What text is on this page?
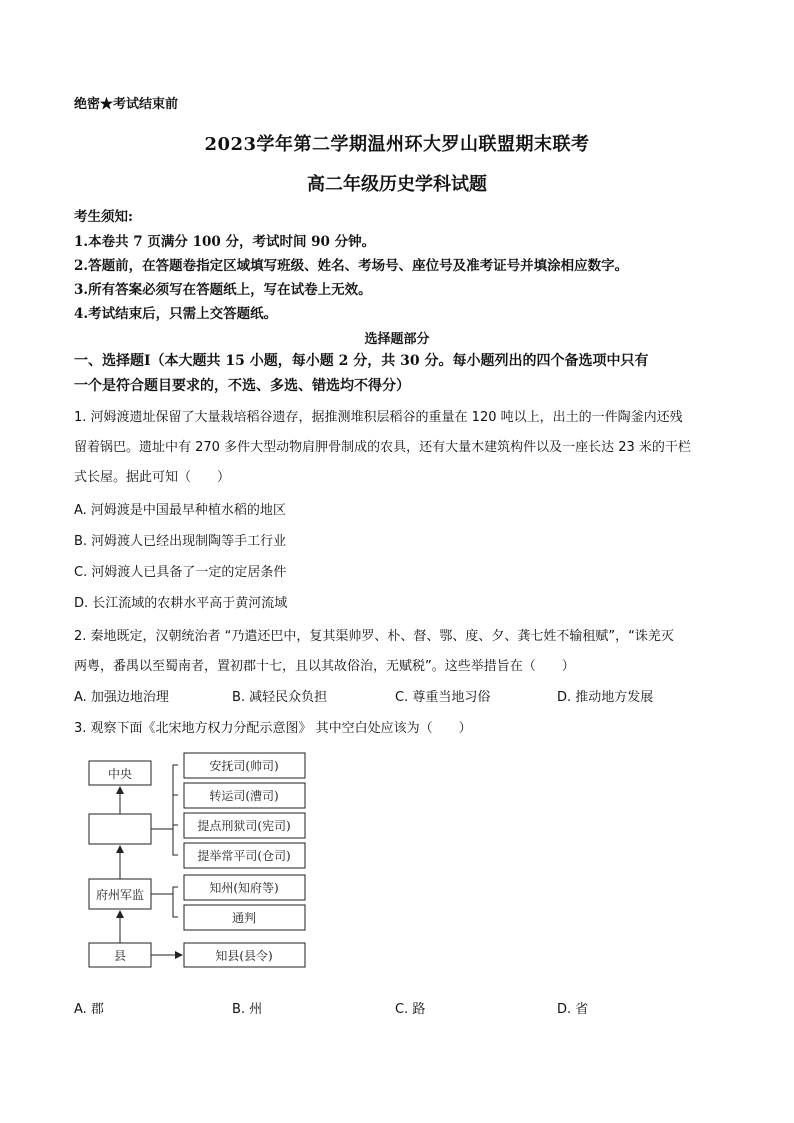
绝密★考试结束前
2023学年第二学期温州环大罗山联盟期末联考
高二年级历史学科试题
考生须知:
1.本卷共 7 页满分 100 分，考试时间 90 分钟。
2.答题前，在答题卷指定区域填写班级、姓名、考场号、座位号及准考证号并填涂相应数字。
3.所有答案必须写在答题纸上，写在试卷上无效。
4.考试结束后，只需上交答题纸。
选择题部分
一、选择题Ⅰ（本大题共 15 小题，每小题 2 分，共 30 分。每小题列出的四个备选项中只有
一个是符合题目要求的，不选、多选、错选均不得分）
1. 河姆渡遗址保留了大量栽培稻谷遗存，据推测堆积层稻谷的重量在 120 吨以上，出土的一件陶釜内还残
留着锅巴。遗址中有 270 多件大型动物肩胛骨制成的农具，还有大量木建筑构件以及一座长达 23 米的干栏
式长屋。据此可知（　　）
A. 河姆渡是中国最早种植水稻的地区
B. 河姆渡人已经出现制陶等手工行业
C. 河姆渡人已具备了一定的定居条件
D. 长江流域的农耕水平高于黄河流域
2. 秦地既定，汉朝统治者 “乃遣还巴中，复其渠帅罗、朴、督、鄂、度、夕、龚七姓不输租赋”，“诛羌灭
两粤，番禺以至蜀南者，置初郡十七，且以其故俗治，无赋税”。这些举措旨在（　　）
A. 加强边地治理	B. 减轻民众负担	C. 尊重当地习俗	D. 推动地方发展
3. 观察下面《北宋地方权力分配示意图》 其中空白处应该为（　　）
中央
府州军监
县
安抚司(帅司)
转运司(漕司)
提点刑狱司(宪司)
提举常平司(仓司)
知州(知府等)
通判
知县(县令)
A. 郡	B. 州	C. 路	D. 省
